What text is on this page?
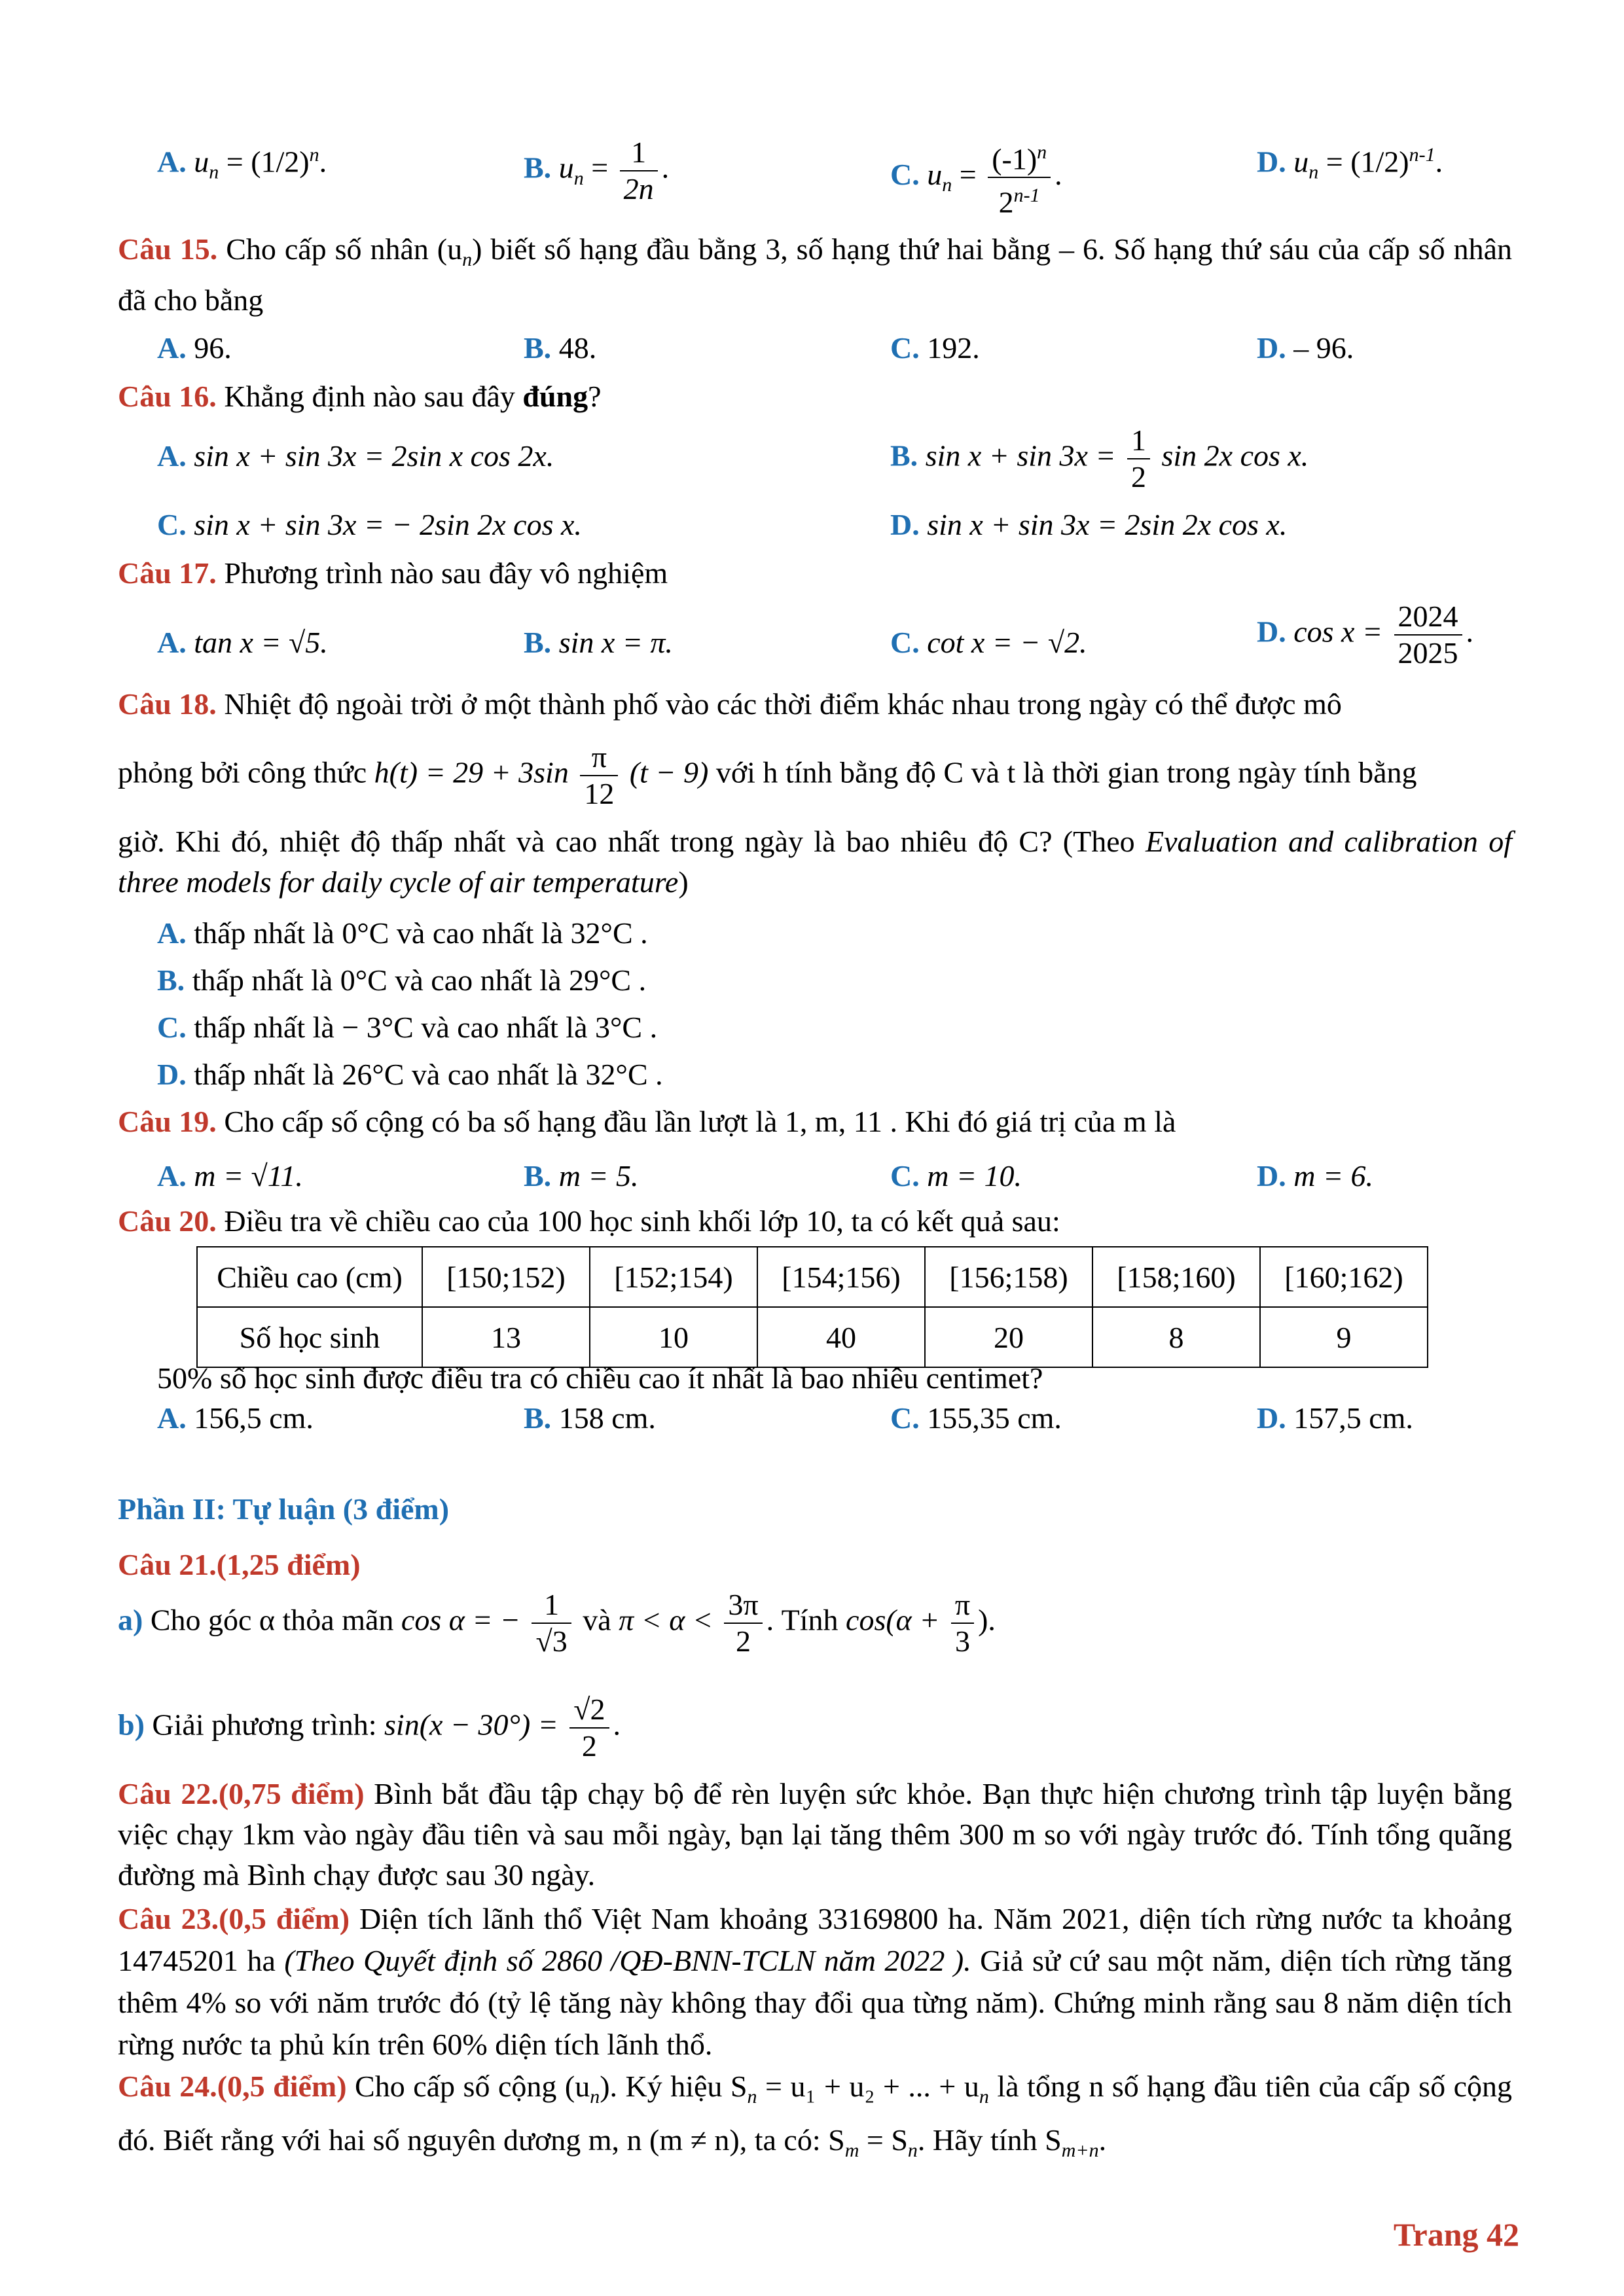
A. $u_n = (1/2)^n$.	B. $u_n = \frac{1}{2n}$ .	C. $u_n = \frac{(-1)^n}{2^{n-1}}$ .	D. $u_n = (1/2)^{n-1}$.
Câu 15. Cho cấp số nhân $(u_n)$ biết số hạng đầu bằng 3, số hạng thứ hai bằng – 6. Số hạng thứ sáu của cấp số nhân đã cho bằng
A. 96.	B. 48.	C. 192.	D. – 96.
Câu 16. Khẳng định nào sau đây đúng?
A. sin x + sin 3x = 2sin x cos 2x.	B. $\sin x + \sin 3x = \frac{1}{2}$ sin 2x cos x.
C. sin x + sin 3x = − 2sin 2x cos x.	D. sin x + sin 3x = 2sin 2x cos x.
Câu 17. Phương trình nào sau đây vô nghiệm
A. tan x = √5.	B. sin x = π.	C. cot x = − √2.	D. $\cos x = \frac{2024}{2025}$ .
Câu 18. Nhiệt độ ngoài trời ở một thành phố vào các thời điểm khác nhau trong ngày có thể được mô
phỏng bởi công thức $h(t) = 29 + 3\sin \frac{\pi}{12} (t - 9)$ với h tính bằng độ C và t là thời gian trong ngày tính bằng
giờ. Khi đó, nhiệt độ thấp nhất và cao nhất trong ngày là bao nhiêu độ C? (Theo Evaluation and calibration of three models for daily cycle of air temperature)
A. thấp nhất là 0°C và cao nhất là 32°C .
B. thấp nhất là 0°C và cao nhất là 29°C .
C. thấp nhất là − 3°C và cao nhất là 3°C .
D. thấp nhất là 26°C và cao nhất là 32°C .
Câu 19. Cho cấp số cộng có ba số hạng đầu lần lượt là 1, m, 11 . Khi đó giá trị của m là
A. m = √11.	B. m = 5.	C. m = 10.	D. m = 6.
Câu 20. Điều tra về chiều cao của 100 học sinh khối lớp 10, ta có kết quả sau:
Chiều cao (cm)	[150;152)	[152;154)	[154;156)	[156;158)	[158;160)	[160;162)
Số học sinh	13	10	40	20	8	9
50% số học sinh được điều tra có chiều cao ít nhất là bao nhiêu centimet?
A. 156,5 cm.	B. 158 cm.	C. 155,35 cm.	D. 157,5 cm.
Phần II: Tự luận (3 điểm)
Câu 21.(1,25 điểm)
a) Cho góc α thỏa mãn cos α = − $\frac{1}{√3}$ và $\pi < \alpha < \frac{3\pi}{2}$ . Tính $\cos(\alpha + \frac{\pi}{3}$ ).
b) Giải phương trình: $\sin(x - 30^\circ) = \frac{√2}{2}$ .
Câu 22.(0,75 điểm) Bình bắt đầu tập chạy bộ để rèn luyện sức khỏe. Bạn thực hiện chương trình tập luyện bằng việc chạy 1km vào ngày đầu tiên và sau mỗi ngày, bạn lại tăng thêm 300 m so với ngày trước đó. Tính tổng quãng đường mà Bình chạy được sau 30 ngày.
Câu 23.(0,5 điểm) Diện tích lãnh thổ Việt Nam khoảng 33169800 ha. Năm 2021, diện tích rừng nước ta khoảng 14745201 ha (Theo Quyết định số 2860 /QĐ-BNN-TCLN năm 2022 ). Giả sử cứ sau một năm, diện tích rừng tăng thêm 4% so với năm trước đó (tỷ lệ tăng này không thay đổi qua từng năm). Chứng minh rằng sau 8 năm diện tích rừng nước ta phủ kín trên 60% diện tích lãnh thổ.
Câu 24.(0,5 điểm) Cho cấp số cộng $(u_n)$. Ký hiệu $S_n = u_1 + u_2$ + ... + $u_n$ là tổng n số hạng đầu tiên của cấp số cộng đó. Biết rằng với hai số nguyên dương m, n (m ≠ n), ta có: $S_m = S_n$. Hãy tính $S_{m+n}$.
Trang 42
